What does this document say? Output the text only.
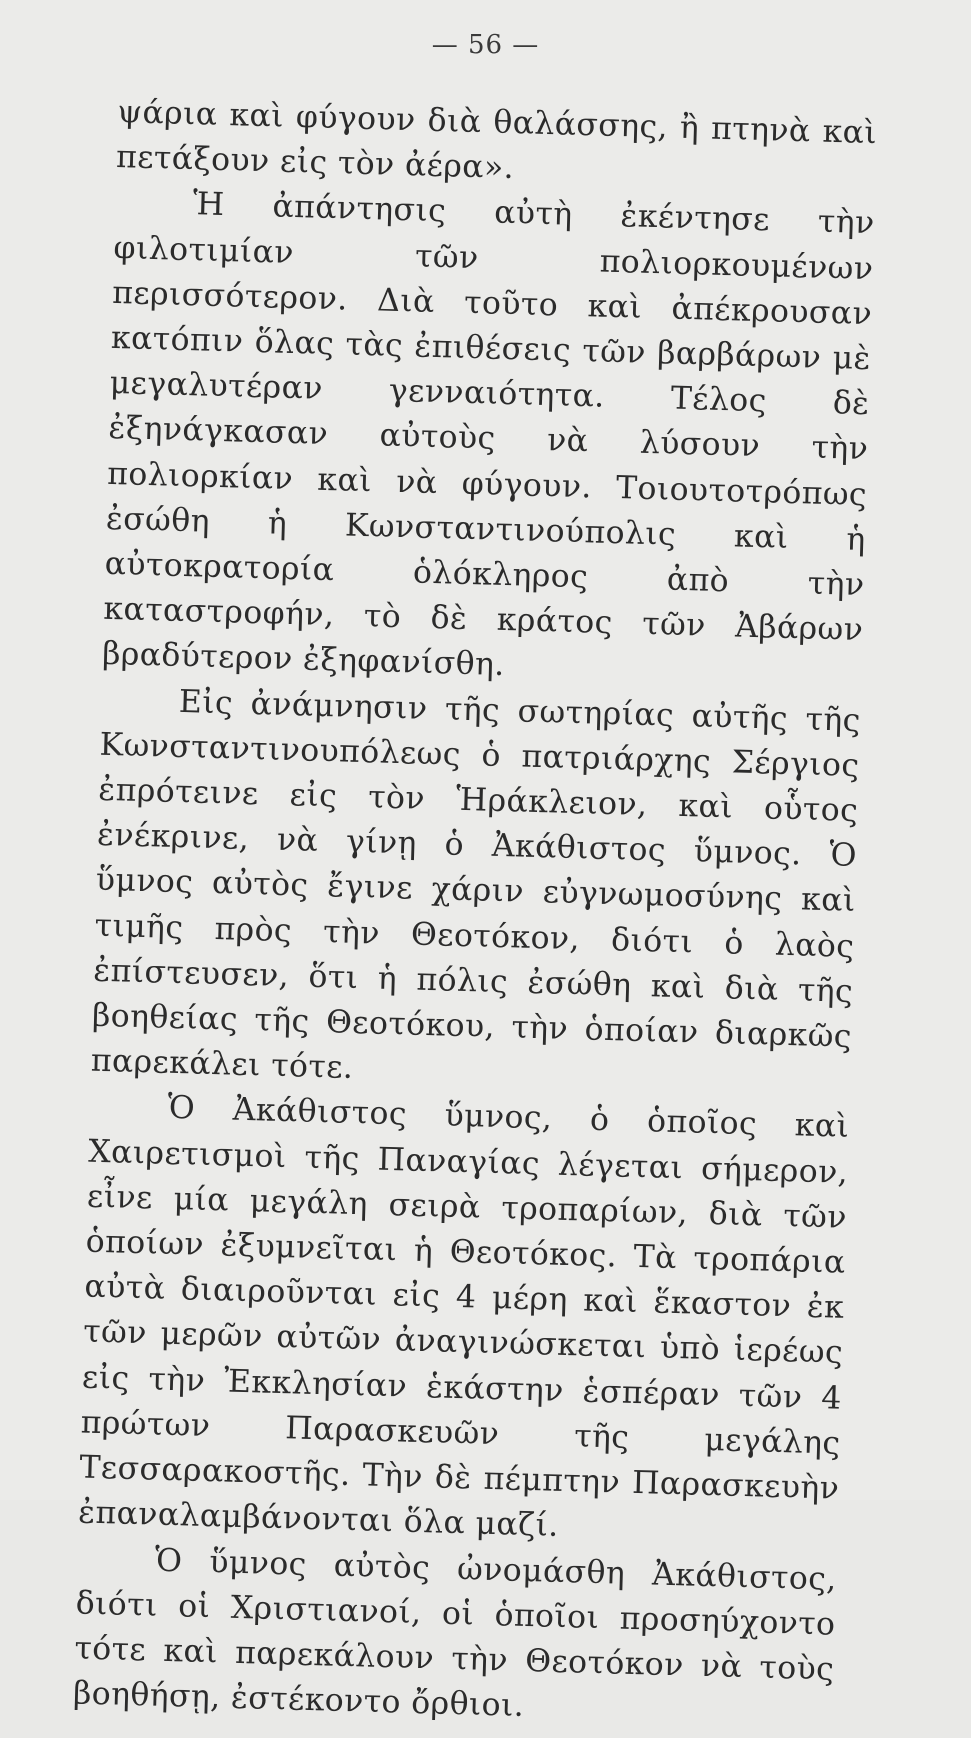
— 56 —

ψάρια καὶ φύγουν διὰ θαλάσσης, ἢ πτηνὰ καὶ πετάξουν εἰς τὸν ἀέρα».

Ἡ ἀπάντησις αὐτὴ ἐκέντησε τὴν φιλοτιμίαν τῶν πολιορκουμένων περισσότερον. Διὰ τοῦτο καὶ ἀπέκρουσαν κατόπιν ὅλας τὰς ἐπιθέσεις τῶν βαρβάρων μὲ μεγαλυτέραν γενναιότητα. Τέλος δὲ ἐξηνάγκασαν αὐτοὺς νὰ λύσουν τὴν πολιορκίαν καὶ νὰ φύγουν. Τοιουτοτρόπως ἐσώθη ἡ Κωνσταντινούπολις καὶ ἡ αὐτοκρατορία ὁλόκληρος ἀπὸ τὴν καταστροφήν, τὸ δὲ κράτος τῶν Ἀβάρων βραδύτερον ἐξηφανίσθη.

Εἰς ἀνάμνησιν τῆς σωτηρίας αὐτῆς τῆς Κωνσταντινουπόλεως ὁ πατριάρχης Σέργιος ἐπρότεινε εἰς τὸν Ἡράκλειον, καὶ οὗτος ἐνέκρινε, νὰ γίνῃ ὁ Ἀκάθιστος ὕμνος. Ὁ ὕμνος αὐτὸς ἔγινε χάριν εὐγνωμοσύνης καὶ τιμῆς πρὸς τὴν Θεοτόκον, διότι ὁ λαὸς ἐπίστευσεν, ὅτι ἡ πόλις ἐσώθη καὶ διὰ τῆς βοηθείας τῆς Θεοτόκου, τὴν ὁποίαν διαρκῶς παρεκάλει τότε.

Ὁ Ἀκάθιστος ὕμνος, ὁ ὁποῖος καὶ Χαιρετισμοὶ τῆς Παναγίας λέγεται σήμερον, εἶνε μία μεγάλη σειρὰ τροπαρίων, διὰ τῶν ὁποίων ἐξυμνεῖται ἡ Θεοτόκος. Τὰ τροπάρια αὐτὰ διαιροῦνται εἰς 4 μέρη καὶ ἕκαστον ἐκ τῶν μερῶν αὐτῶν ἀναγινώσκεται ὑπὸ ἱερέως εἰς τὴν Ἐκκλησίαν ἑκάστην ἑσπέραν τῶν 4 πρώτων Παρασκευῶν τῆς μεγάλης Τεσσαρακοστῆς. Τὴν δὲ πέμπτην Παρασκευὴν ἐπαναλαμβάνονται ὅλα μαζί.

Ὁ ὕμνος αὐτὸς ὠνομάσθη Ἀκάθιστος, διότι οἱ Χριστιανοί, οἱ ὁποῖοι προσηύχοντο τότε καὶ παρεκάλουν τὴν Θεοτόκον νὰ τοὺς βοηθήσῃ, ἐστέκοντο ὄρθιοι.
